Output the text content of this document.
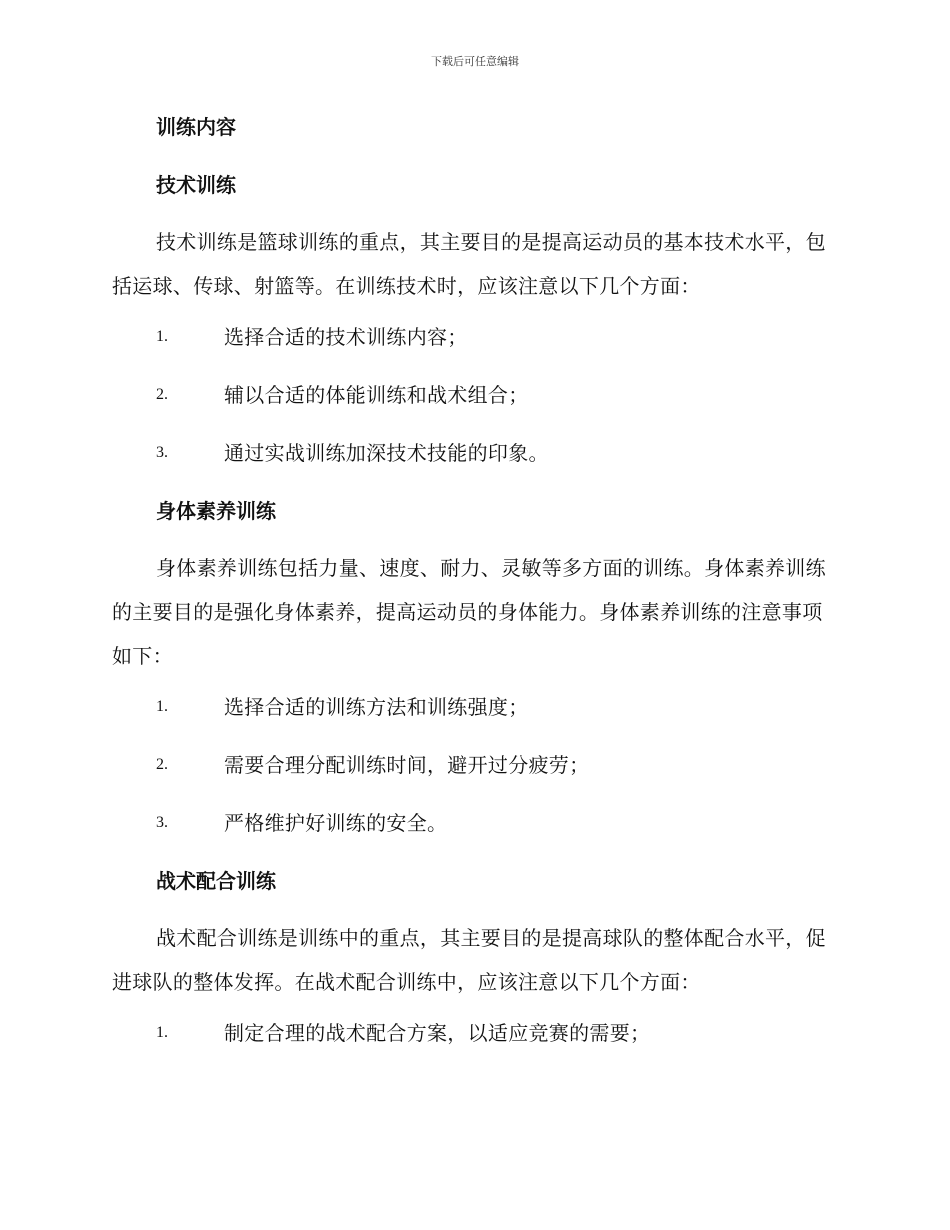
下载后可任意编辑
训练内容
技术训练

技术训练是篮球训练的重点，其主要目的是提高运动员的基本技术水平，包括运球、传球、射篮等。在训练技术时，应该注意以下几个方面：

1.	选择合适的技术训练内容；
2.	辅以合适的体能训练和战术组合；
3.	通过实战训练加深技术技能的印象。
身体素养训练

身体素养训练包括力量、速度、耐力、灵敏等多方面的训练。身体素养训练的主要目的是强化身体素养，提高运动员的身体能力。身体素养训练的注意事项如下：

1.	选择合适的训练方法和训练强度；
2.	需要合理分配训练时间，避开过分疲劳；
3.	严格维护好训练的安全。
战术配合训练

战术配合训练是训练中的重点，其主要目的是提高球队的整体配合水平，促进球队的整体发挥。在战术配合训练中，应该注意以下几个方面：

1.	制定合理的战术配合方案，以适应竞赛的需要；
